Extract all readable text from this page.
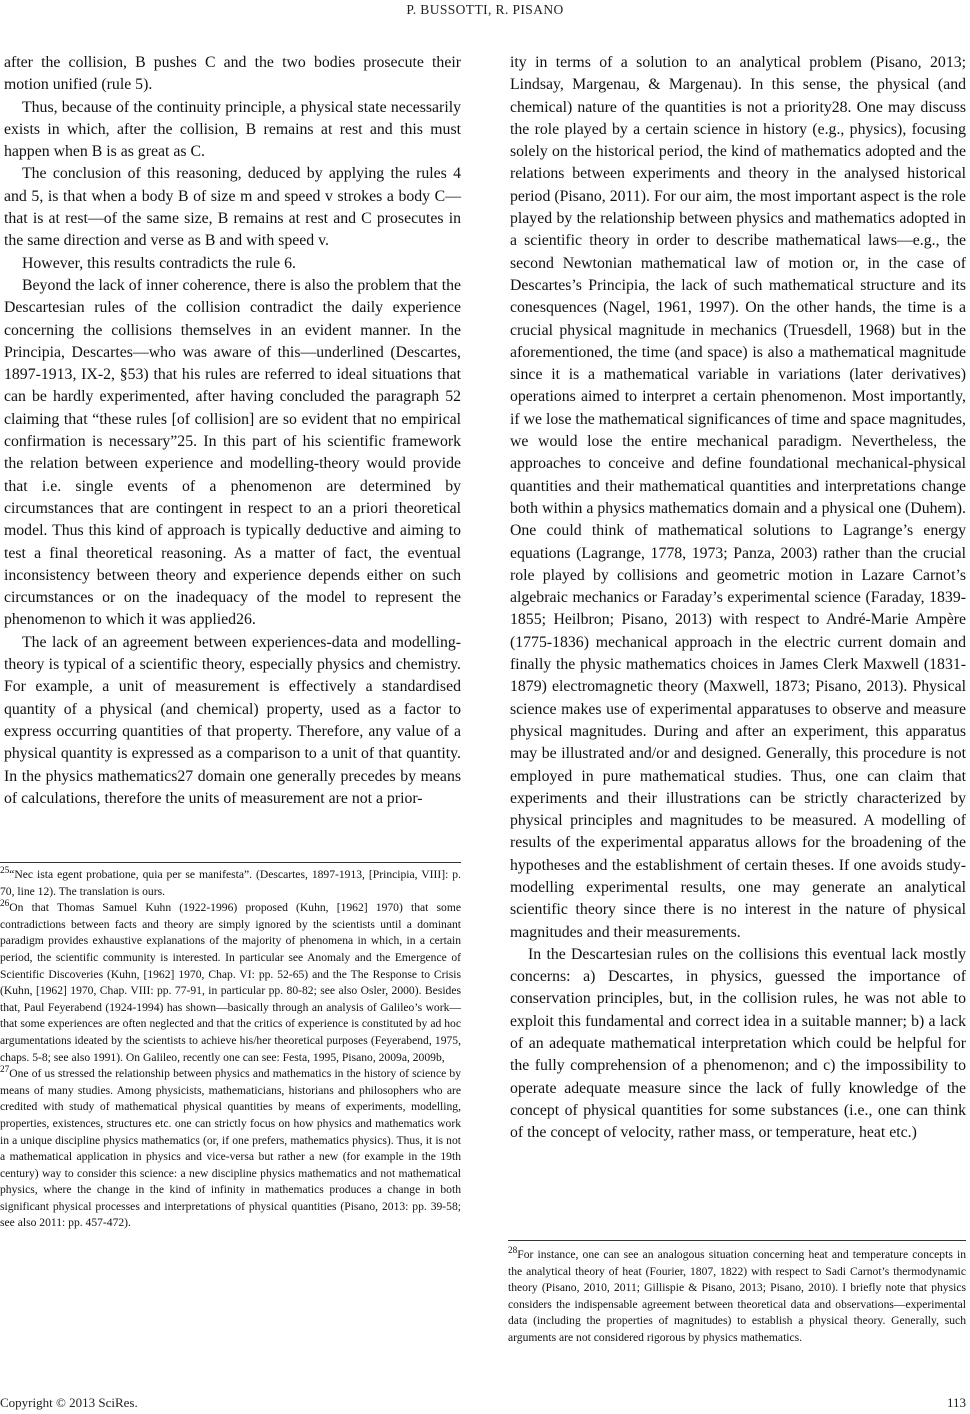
P. BUSSOTTI, R. PISANO

after the collision, B pushes C and the two bodies prosecute their motion unified (rule 5).

Thus, because of the continuity principle, a physical state necessarily exists in which, after the collision, B remains at rest and this must happen when B is as great as C.

The conclusion of this reasoning, deduced by applying the rules 4 and 5, is that when a body B of size m and speed v strokes a body C—that is at rest—of the same size, B remains at rest and C prosecutes in the same direction and verse as B and with speed v.

However, this results contradicts the rule 6.

Beyond the lack of inner coherence, there is also the problem that the Descartesian rules of the collision contradict the daily experience concerning the collisions themselves in an evident manner. In the Principia, Descartes—who was aware of this—underlined (Descartes, 1897-1913, IX-2, §53) that his rules are referred to ideal situations that can be hardly experimented, after having concluded the paragraph 52 claiming that “these rules [of collision] are so evident that no empirical confirmation is necessary”25. In this part of his scientific framework the relation between experience and modelling-theory would provide that i.e. single events of a phenomenon are determined by circumstances that are contingent in respect to an a priori theoretical model. Thus this kind of approach is typically deductive and aiming to test a final theoretical reasoning. As a matter of fact, the eventual inconsistency between theory and experience depends either on such circumstances or on the inadequacy of the model to represent the phenomenon to which it was applied26.

The lack of an agreement between experiences-data and modelling-theory is typical of a scientific theory, especially physics and chemistry. For example, a unit of measurement is effectively a standardised quantity of a physical (and chemical) property, used as a factor to express occurring quantities of that property. Therefore, any value of a physical quantity is expressed as a comparison to a unit of that quantity. In the physics mathematics27 domain one generally precedes by means of calculations, therefore the units of measurement are not a prior-

$^{25}$“Nec ista egent probatione, quia per se manifesta”. (Descartes, 1897-1913, [Principia, VIII]: p. 70, line 12). The translation is ours.

$^{26}$On that Thomas Samuel Kuhn (1922-1996) proposed (Kuhn, [1962] 1970) that some contradictions between facts and theory are simply ignored by the scientists until a dominant paradigm provides exhaustive explanations of the majority of phenomena in which, in a certain period, the scientific community is interested. In particular see Anomaly and the Emergence of Scientific Discoveries (Kuhn, [1962] 1970, Chap. VI: pp. 52-65) and the The Response to Crisis (Kuhn, [1962] 1970, Chap. VIII: pp. 77-91, in particular pp. 80-82; see also Osler, 2000). Besides that, Paul Feyerabend (1924-1994) has shown—basically through an analysis of Galileo’s work—that some experiences are often neglected and that the critics of experience is constituted by ad hoc argumentations ideated by the scientists to achieve his/her theoretical purposes (Feyerabend, 1975, chaps. 5-8; see also 1991). On Galileo, recently one can see: Festa, 1995, Pisano, 2009a, 2009b,

$^{27}$One of us stressed the relationship between physics and mathematics in the history of science by means of many studies. Among physicists, mathematicians, historians and philosophers who are credited with study of mathematical physical quantities by means of experiments, modelling, properties, existences, structures etc. one can strictly focus on how physics and mathematics work in a unique discipline physics mathematics (or, if one prefers, mathematics physics). Thus, it is not a mathematical application in physics and vice-versa but rather a new (for example in the 19th century) way to consider this science: a new discipline physics mathematics and not mathematical physics, where the change in the kind of infinity in mathematics produces a change in both significant physical processes and interpretations of physical quantities (Pisano, 2013: pp. 39-58; see also 2011: pp. 457-472).

ity in terms of a solution to an analytical problem (Pisano, 2013; Lindsay, Margenau, & Margenau). In this sense, the physical (and chemical) nature of the quantities is not a priority28. One may discuss the role played by a certain science in history (e.g., physics), focusing solely on the historical period, the kind of mathematics adopted and the relations between experiments and theory in the analysed historical period (Pisano, 2011). For our aim, the most important aspect is the role played by the relationship between physics and mathematics adopted in a scientific theory in order to describe mathematical laws—e.g., the second Newtonian mathematical law of motion or, in the case of Descartes’s Principia, the lack of such mathematical structure and its conesquences (Nagel, 1961, 1997). On the other hands, the time is a crucial physical magnitude in mechanics (Truesdell, 1968) but in the aforementioned, the time (and space) is also a mathematical magnitude since it is a mathematical variable in variations (later derivatives) operations aimed to interpret a certain phenomenon. Most importantly, if we lose the mathematical significances of time and space magnitudes, we would lose the entire mechanical paradigm. Nevertheless, the approaches to conceive and define foundational mechanical-physical quantities and their mathematical quantities and interpretations change both within a physics mathematics domain and a physical one (Duhem). One could think of mathematical solutions to Lagrange’s energy equations (Lagrange, 1778, 1973; Panza, 2003) rather than the crucial role played by collisions and geometric motion in Lazare Carnot’s algebraic mechanics or Faraday’s experimental science (Faraday, 1839-1855; Heilbron; Pisano, 2013) with respect to André-Marie Ampère (1775-1836) mechanical approach in the electric current domain and finally the physic mathematics choices in James Clerk Maxwell (1831-1879) electromagnetic theory (Maxwell, 1873; Pisano, 2013). Physical science makes use of experimental apparatuses to observe and measure physical magnitudes. During and after an experiment, this apparatus may be illustrated and/or and designed. Generally, this procedure is not employed in pure mathematical studies. Thus, one can claim that experiments and their illustrations can be strictly characterized by physical principles and magnitudes to be measured. A modelling of results of the experimental apparatus allows for the broadening of the hypotheses and the establishment of certain theses. If one avoids study-modelling experimental results, one may generate an analytical scientific theory since there is no interest in the nature of physical magnitudes and their measurements.

In the Descartesian rules on the collisions this eventual lack mostly concerns: a) Descartes, in physics, guessed the importance of conservation principles, but, in the collision rules, he was not able to exploit this fundamental and correct idea in a suitable manner; b) a lack of an adequate mathematical interpretation which could be helpful for the fully comprehension of a phenomenon; and c) the impossibility to operate adequate measure since the lack of fully knowledge of the concept of physical quantities for some substances (i.e., one can think of the concept of velocity, rather mass, or temperature, heat etc.)

$^{28}$For instance, one can see an analogous situation concerning heat and temperature concepts in the analytical theory of heat (Fourier, 1807, 1822) with respect to Sadi Carnot’s thermodynamic theory (Pisano, 2010, 2011; Gillispie & Pisano, 2013; Pisano, 2010). I briefly note that physics considers the indispensable agreement between theoretical data and observations—experimental data (including the properties of magnitudes) to establish a physical theory. Generally, such arguments are not considered rigorous by physics mathematics.

Copyright © 2013 SciRes.	113
